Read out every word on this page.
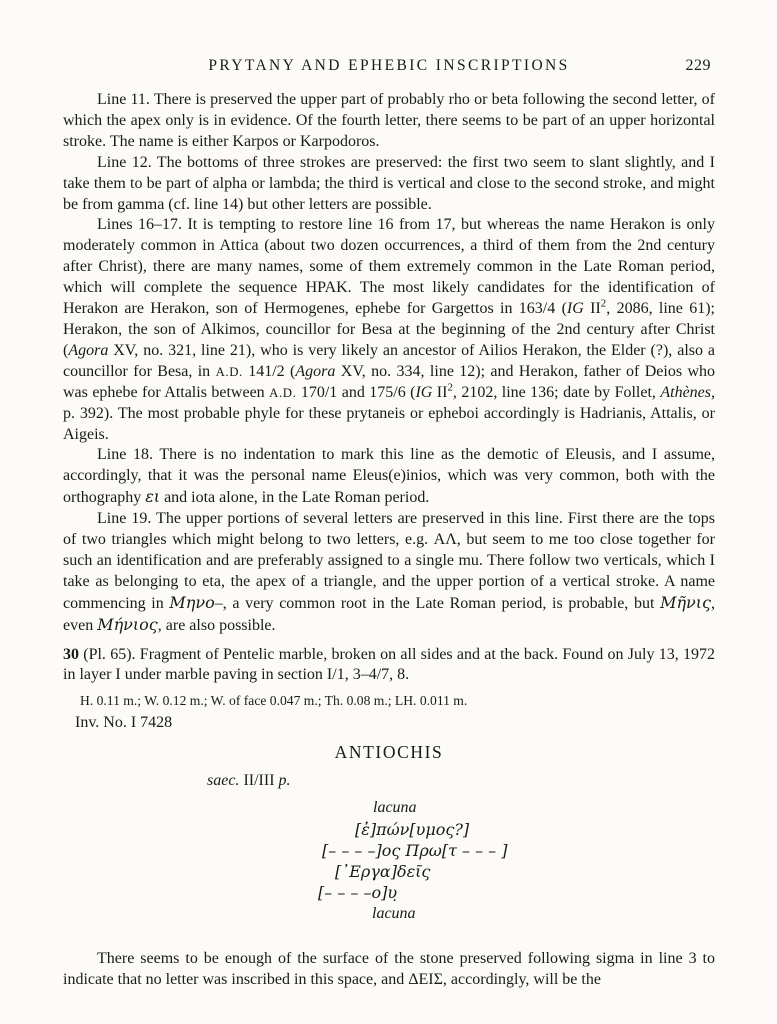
PRYTANY AND EPHEBIC INSCRIPTIONS	229

Line 11. There is preserved the upper part of probably rho or beta following the second letter, of which the apex only is in evidence. Of the fourth letter, there seems to be part of an upper horizontal stroke. The name is either Karpos or Karpodoros.

Line 12. The bottoms of three strokes are preserved: the first two seem to slant slightly, and I take them to be part of alpha or lambda; the third is vertical and close to the second stroke, and might be from gamma (cf. line 14) but other letters are possible.

Lines 16–17. It is tempting to restore line 16 from 17, but whereas the name Herakon is only moderately common in Attica (about two dozen occurrences, a third of them from the 2nd century after Christ), there are many names, some of them extremely common in the Late Roman period, which will complete the sequence HPAK. The most likely candidates for the identification of Herakon are Herakon, son of Hermogenes, ephebe for Gargettos in 163/4 (IG $II^2$, 2086, line 61); Herakon, the son of Alkimos, councillor for Besa at the beginning of the 2nd century after Christ (Agora XV, no. 321, line 21), who is very likely an ancestor of Ailios Herakon, the Elder (?), also a councillor for Besa, in A.D. 141/2 (Agora XV, no. 334, line 12); and Herakon, father of Deios who was ephebe for Attalis between A.D. 170/1 and 175/6 (IG $II^2$, 2102, line 136; date by Follet, Athènes, p. 392). The most probable phyle for these prytaneis or epheboi accordingly is Hadrianis, Attalis, or Aigeis.

Line 18. There is no indentation to mark this line as the demotic of Eleusis, and I assume, accordingly, that it was the personal name Eleus(e)inios, which was very common, both with the orthography ει and iota alone, in the Late Roman period.

Line 19. The upper portions of several letters are preserved in this line. First there are the tops of two triangles which might belong to two letters, e.g. ΑΛ, but seem to me too close together for such an identification and are preferably assigned to a single mu. There follow two verticals, which I take as belonging to eta, the apex of a triangle, and the upper portion of a vertical stroke. A name commencing in Μηνο–, a very common root in the Late Roman period, is probable, but Μῆνις, even Μήνιος, are also possible.

30 (Pl. 65). Fragment of Pentelic marble, broken on all sides and at the back. Found on July 13, 1972 in layer I under marble paving in section I/1, 3–4/7, 8.

H. 0.11 m.; W. 0.12 m.; W. of face 0.047 m.; Th. 0.08 m.; LH. 0.011 m.

Inv. No. I 7428

ANTIOCHIS

saec. II/III p.

lacuna
[ἐ]πών[υμος?]
[– – – –]ος Πρω[τ – – – ]
[᾿Εργα]δεῖς
[– – – –ο]υ̣
lacuna

There seems to be enough of the surface of the stone preserved following sigma in line 3 to indicate that no letter was inscribed in this space, and ΔΕΙΣ, accordingly, will be the
